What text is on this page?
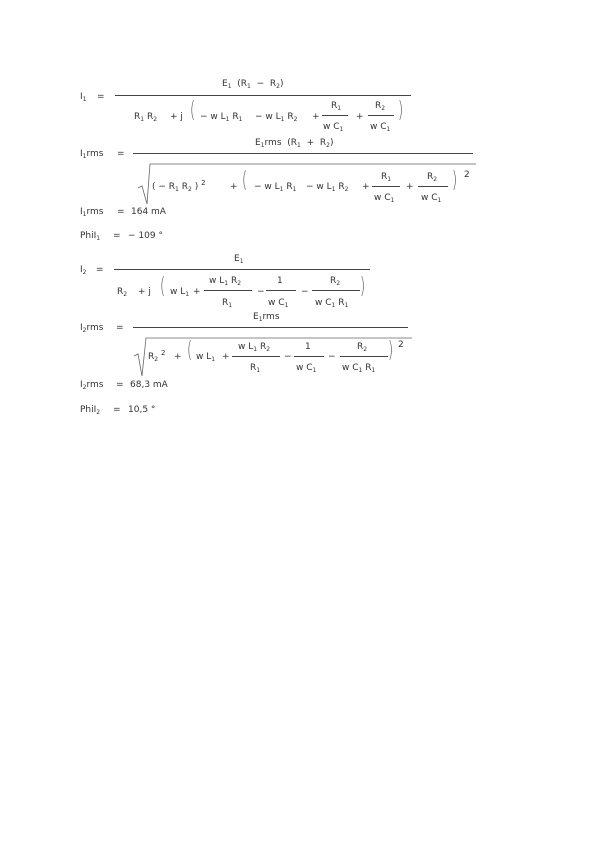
$I_1$ =
$E_1$ $(R_1 - R_2)$
$R_1$ $R_2 + j$ ( − w $L_1$ $R_1 - w$ $L_1$ $R_2$ +
$R_1$
w $C_1$
+
$R_2$
w $C_1$
)
$I_1rms$ =
$E_1rms$ $(R_1 + R_2)$
( − $R_1$ $R_2$ ) $^2$	+ ( − w $L_1$ $R_1 - w$ $L_1$ $R_2$ +
$R_1$
w $C_1$
+
$R_2$
w $C_1$
) 2
$I_1rms = 164$ mA
PhiI$_1$ = − 109 °
$I_2$ =
$E_1$
$R_2 + j$ ( w $L_1$ +
w $L_1$ $R_2$
$R_1$
−
1
w $C_1$
−
$R_2$
w $C_1$ $R_1$
)
$I_2rms$ =
$E_1rms$
$R_2$ $^2$ + ( w $L_1$ +
w $L_1$ $R_2$
$R_1$
−
1
w $C_1$
−
$R_2$
w $C_1$ $R_1$
) 2
$I_2rms = 68,3$ mA
PhiI$_2$ = 10,5 °
